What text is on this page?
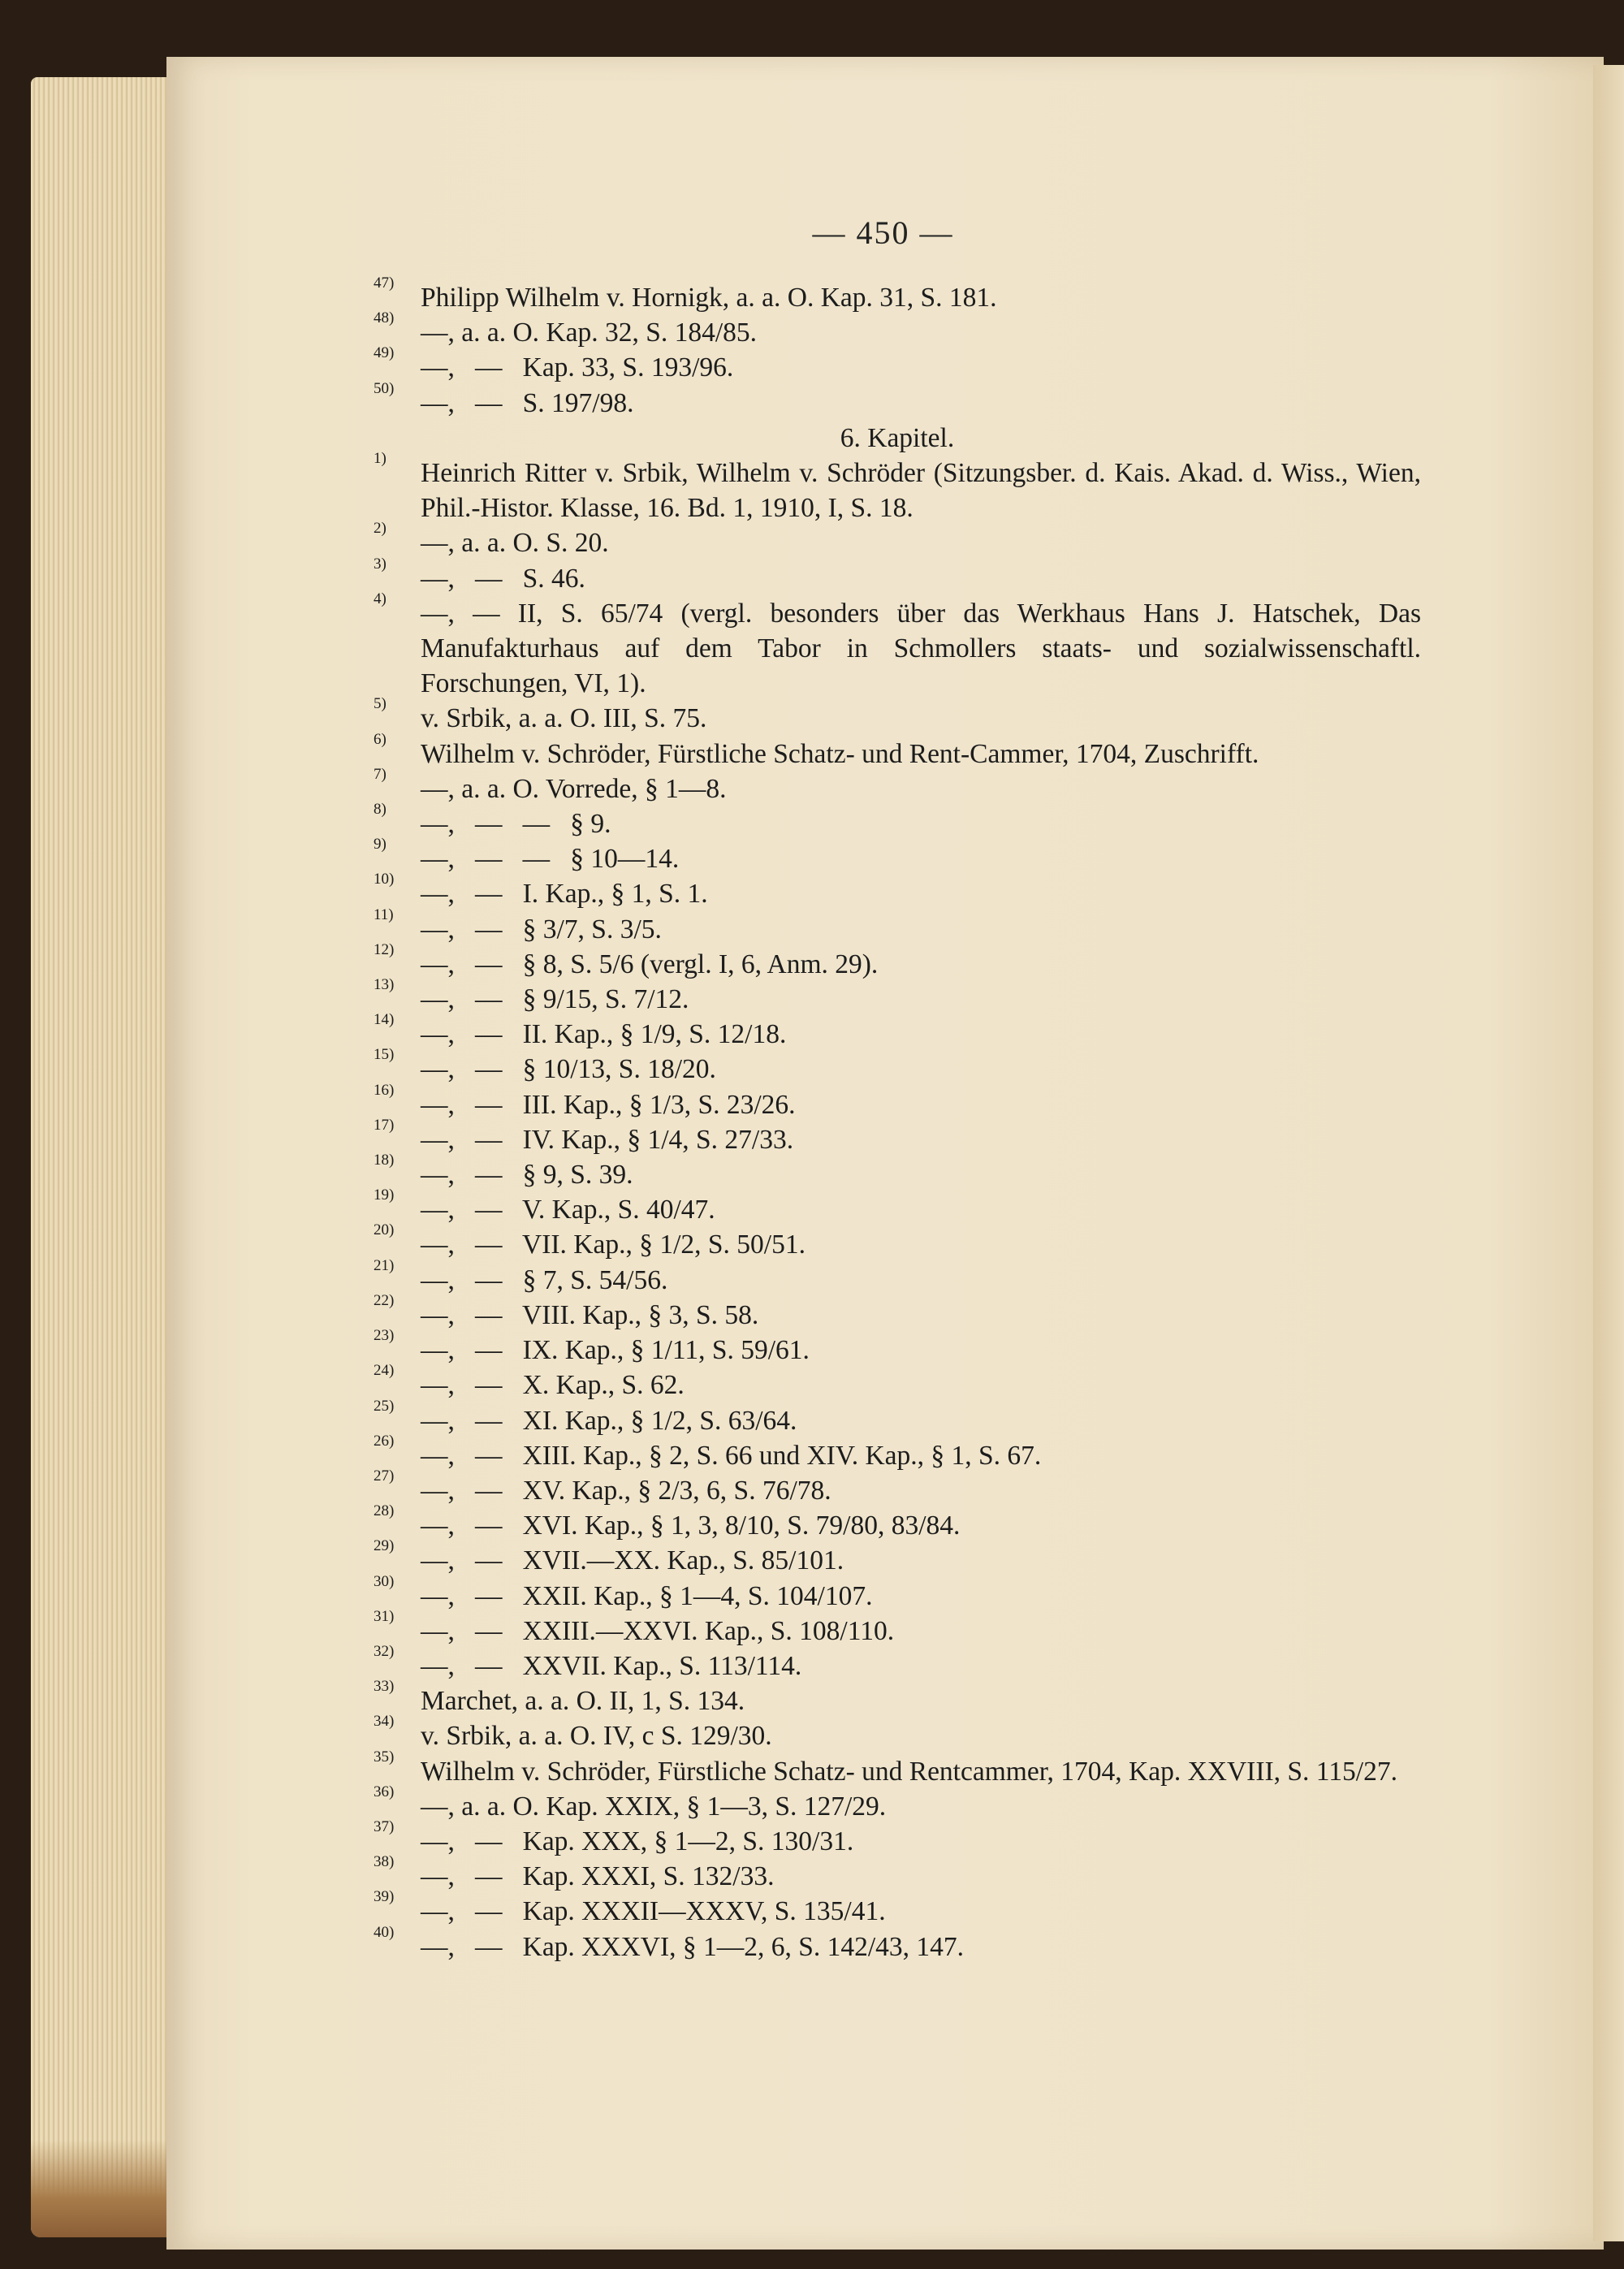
— 450 —
47) Philipp Wilhelm v. Hornigk, a. a. O. Kap. 31, S. 181.
48) —, a. a. O. Kap. 32, S. 184/85.
49) —,   —   Kap. 33, S. 193/96.
50) —,   —   S. 197/98.
6. Kapitel.
1)	Heinrich Ritter v. Srbik, Wilhelm v. Schröder (Sitzungsber. d. Kais. Akad. d. Wiss., Wien, Phil.-Histor. Klasse, 16. Bd. 1, 1910, I, S. 18.
2)	—, a. a. O. S. 20.
3)	—,   —   S. 46.
4)	—, — II, S. 65/74 (vergl. besonders über das Werkhaus Hans J. Hatschek, Das Manufakturhaus auf dem Tabor in Schmollers staats- und sozialwissenschaftl. Forschungen, VI, 1).
5)	v. Srbik, a. a. O. III, S. 75.
6)	Wilhelm v. Schröder, Fürstliche Schatz- und Rent-Cammer, 1704, Zuschrifft.
7)	—, a. a. O. Vorrede, § 1—8.
8)	—,   —   —   § 9.
9)	—,   —   —   § 10—14.
10) —,   —   I. Kap., § 1, S. 1.
11) —,   —   § 3/7, S. 3/5.
12) —,   —   § 8, S. 5/6 (vergl. I, 6, Anm. 29).
13) —,   —   § 9/15, S. 7/12.
14) —,   —   II. Kap., § 1/9, S. 12/18.
15) —,   —   § 10/13, S. 18/20.
16) —,   —   III. Kap., § 1/3, S. 23/26.
17) —,   —   IV. Kap., § 1/4, S. 27/33.
18) —,   —   § 9, S. 39.
19) —,   —   V. Kap., S. 40/47.
20) —,   —   VII. Kap., § 1/2, S. 50/51.
21) —,   —   § 7, S. 54/56.
22) —,   —   VIII. Kap., § 3, S. 58.
23) —,   —   IX. Kap., § 1/11, S. 59/61.
24) —,   —   X. Kap., S. 62.
25) —,   —   XI. Kap., § 1/2, S. 63/64.
26) —,   —   XIII. Kap., § 2, S. 66 und XIV. Kap., § 1, S. 67.
27) —,   —   XV. Kap., § 2/3, 6, S. 76/78.
28) —,   —   XVI. Kap., § 1, 3, 8/10, S. 79/80, 83/84.
29) —,   —   XVII.—XX. Kap., S. 85/101.
30) —,   —   XXII. Kap., § 1—4, S. 104/107.
31) —,   —   XXIII.—XXVI. Kap., S. 108/110.
32) —,   —   XXVII. Kap., S. 113/114.
33) Marchet, a. a. O. II, 1, S. 134.
34) v. Srbik, a. a. O. IV, c S. 129/30.
35) Wilhelm v. Schröder, Fürstliche Schatz- und Rentcammer, 1704, Kap. XXVIII, S. 115/27.
36) —, a. a. O. Kap. XXIX, § 1—3, S. 127/29.
37) —,   —   Kap. XXX, § 1—2, S. 130/31.
38) —,   —   Kap. XXXI, S. 132/33.
39) —,   —   Kap. XXXII—XXXV, S. 135/41.
40) —,   —   Kap. XXXVI, § 1—2, 6, S. 142/43, 147.
